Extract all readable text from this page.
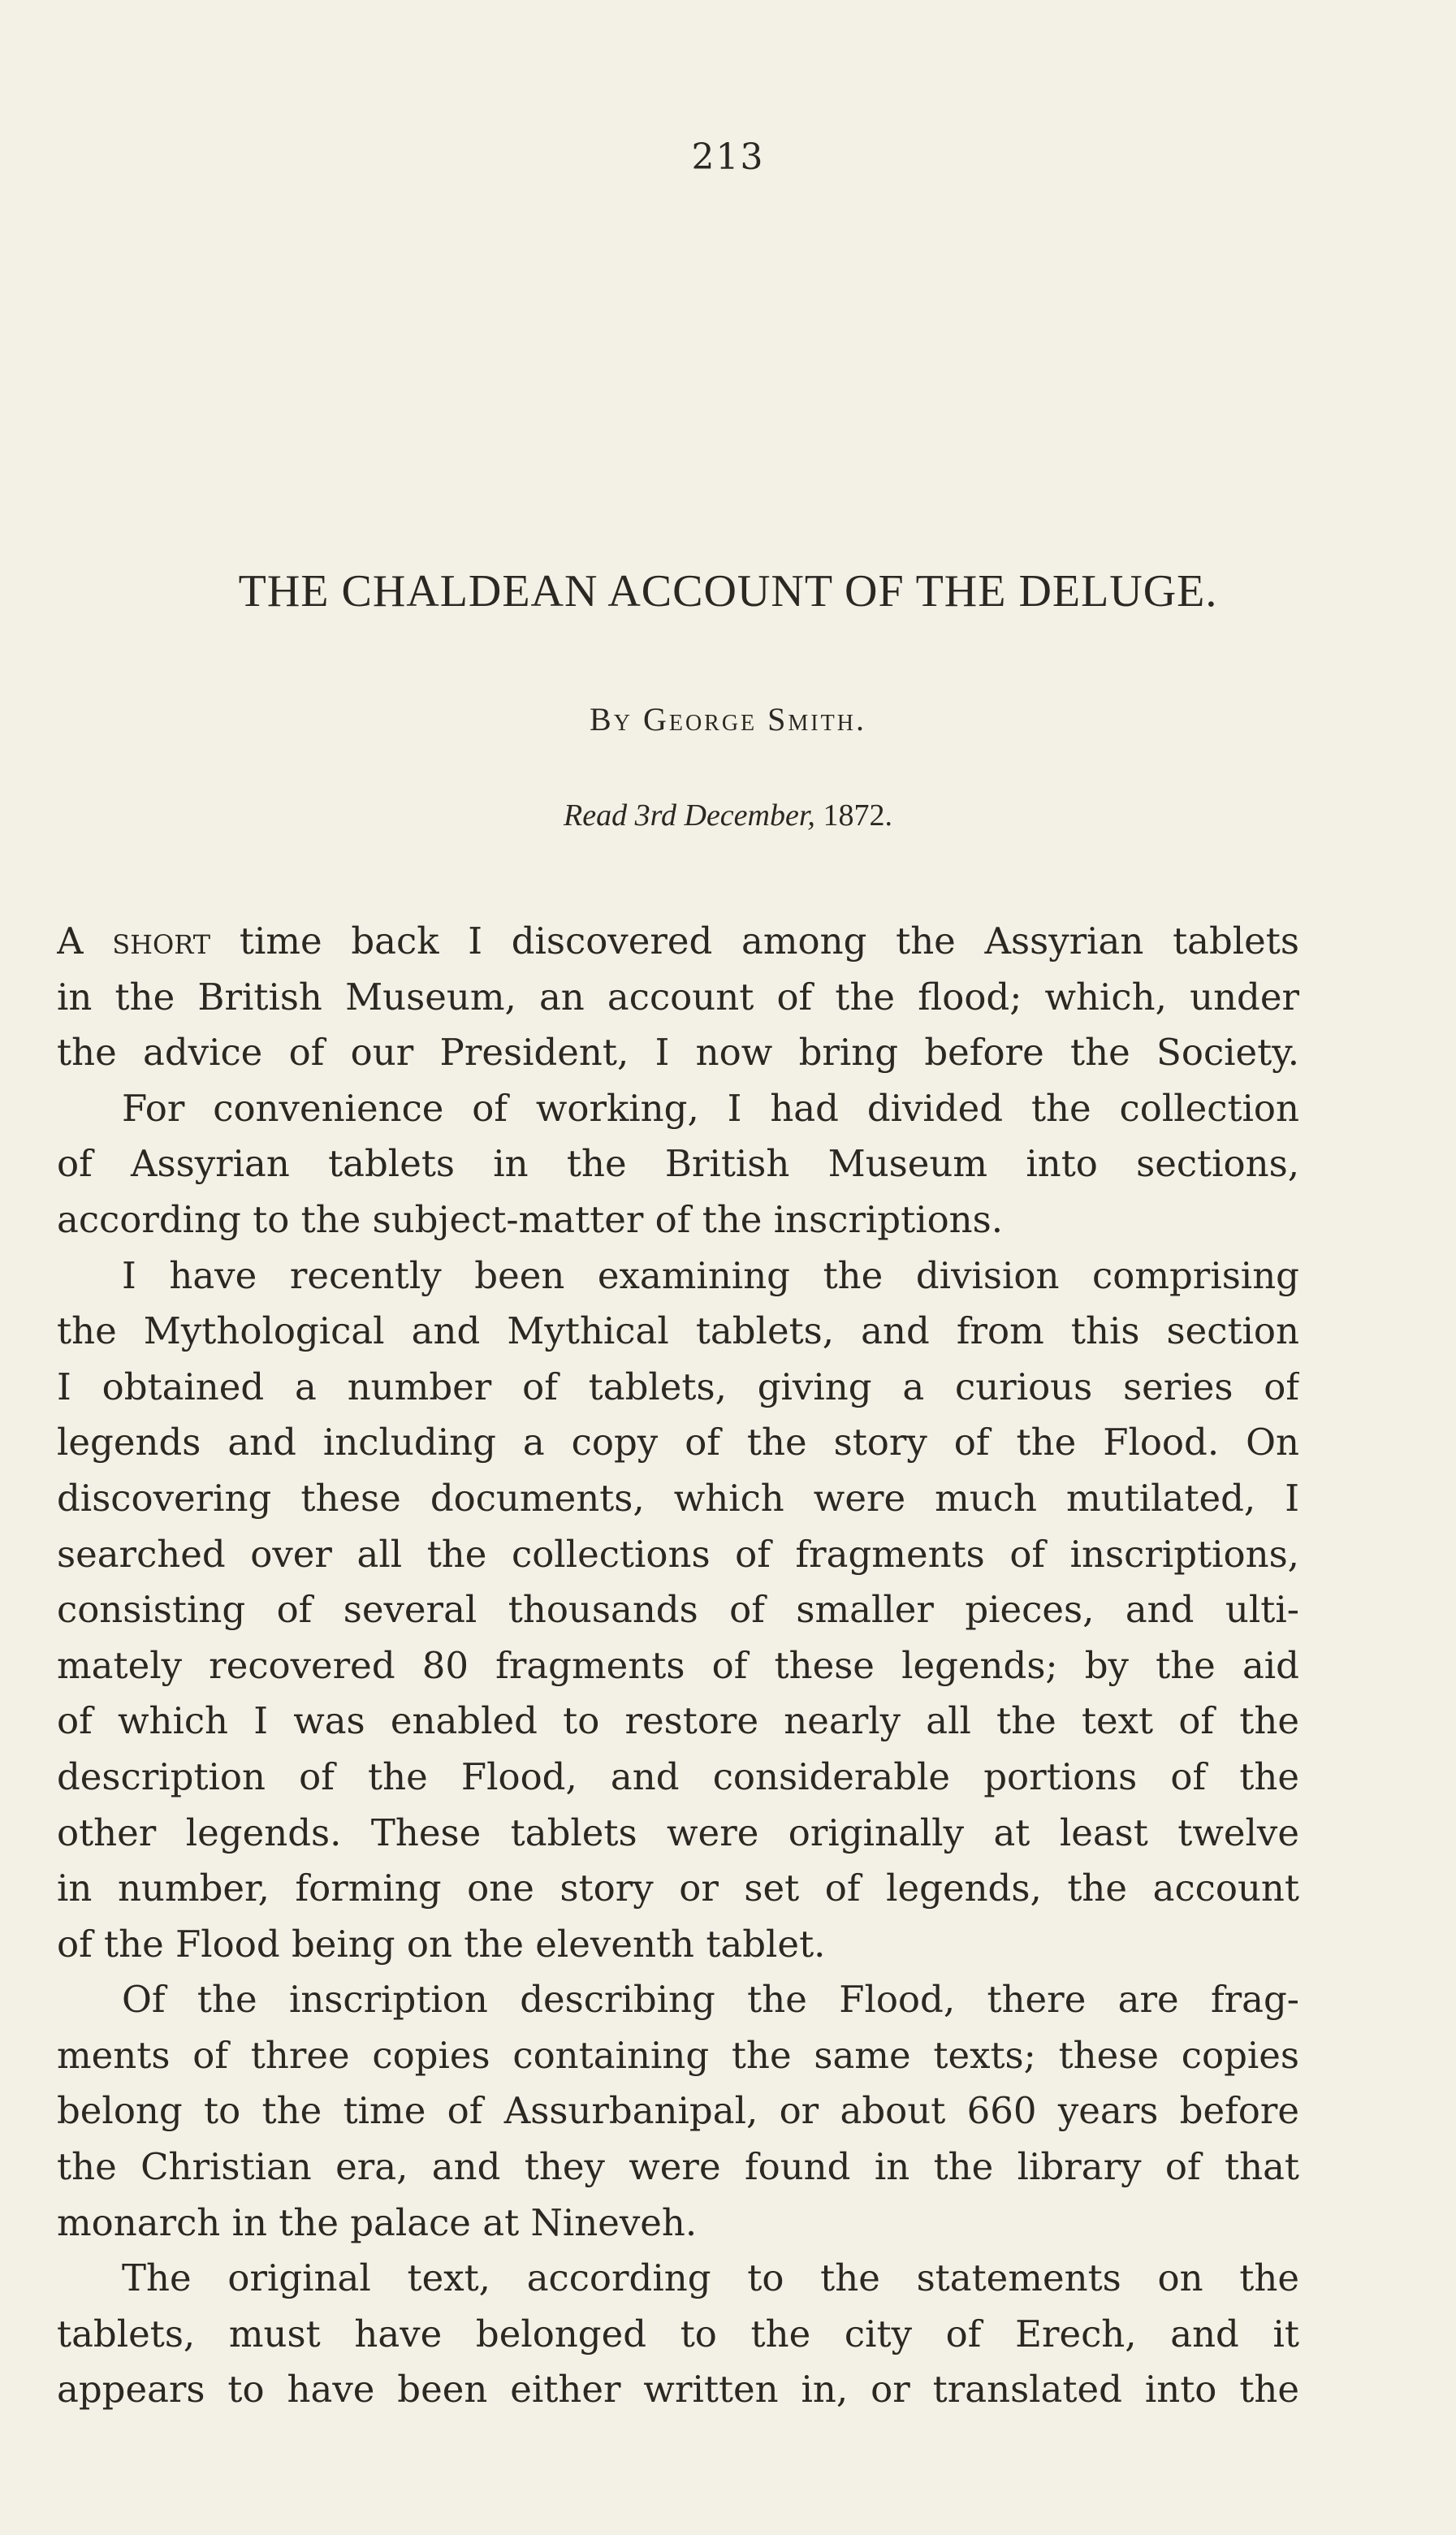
213
THE CHALDEAN ACCOUNT OF THE DELUGE.
By George Smith.
Read 3rd December, 1872.
A short time back I discovered among the Assyrian tablets
in the British Museum, an account of the flood; which, under
the advice of our President, I now bring before the Society.
For convenience of working, I had divided the collection
of Assyrian tablets in the British Museum into sections,
according to the subject-matter of the inscriptions.
I have recently been examining the division comprising
the Mythological and Mythical tablets, and from this section
I obtained a number of tablets, giving a curious series of
legends and including a copy of the story of the Flood. On
discovering these documents, which were much mutilated, I
searched over all the collections of fragments of inscriptions,
consisting of several thousands of smaller pieces, and ulti-
mately recovered 80 fragments of these legends; by the aid
of which I was enabled to restore nearly all the text of the
description of the Flood, and considerable portions of the
other legends. These tablets were originally at least twelve
in number, forming one story or set of legends, the account
of the Flood being on the eleventh tablet.
Of the inscription describing the Flood, there are frag-
ments of three copies containing the same texts; these copies
belong to the time of Assurbanipal, or about 660 years before
the Christian era, and they were found in the library of that
monarch in the palace at Nineveh.
The original text, according to the statements on the
tablets, must have belonged to the city of Erech, and it
appears to have been either written in, or translated into the
